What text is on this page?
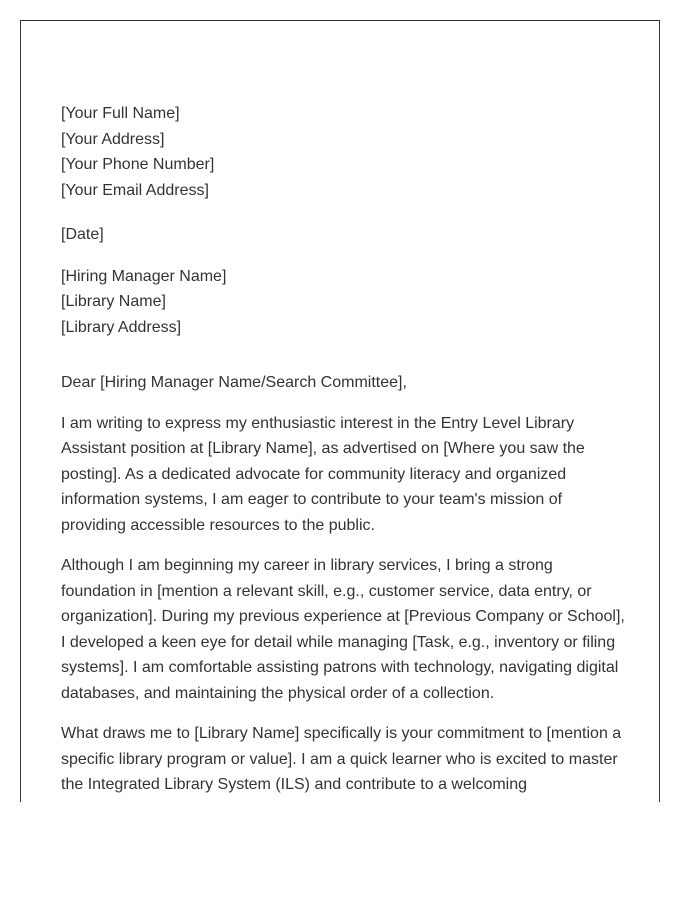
[Your Full Name]
[Your Address]
[Your Phone Number]
[Your Email Address]
[Date]
[Hiring Manager Name]
[Library Name]
[Library Address]
Dear [Hiring Manager Name/Search Committee],

I am writing to express my enthusiastic interest in the Entry Level Library Assistant position at [Library Name], as advertised on [Where you saw the posting]. As a dedicated advocate for community literacy and organized information systems, I am eager to contribute to your team's mission of providing accessible resources to the public.

Although I am beginning my career in library services, I bring a strong foundation in [mention a relevant skill, e.g., customer service, data entry, or organization]. During my previous experience at [Previous Company or School], I developed a keen eye for detail while managing [Task, e.g., inventory or filing systems]. I am comfortable assisting patrons with technology, navigating digital databases, and maintaining the physical order of a collection.

What draws me to [Library Name] specifically is your commitment to [mention a specific library program or value]. I am a quick learner who is excited to master the Integrated Library System (ILS) and contribute to a welcoming
